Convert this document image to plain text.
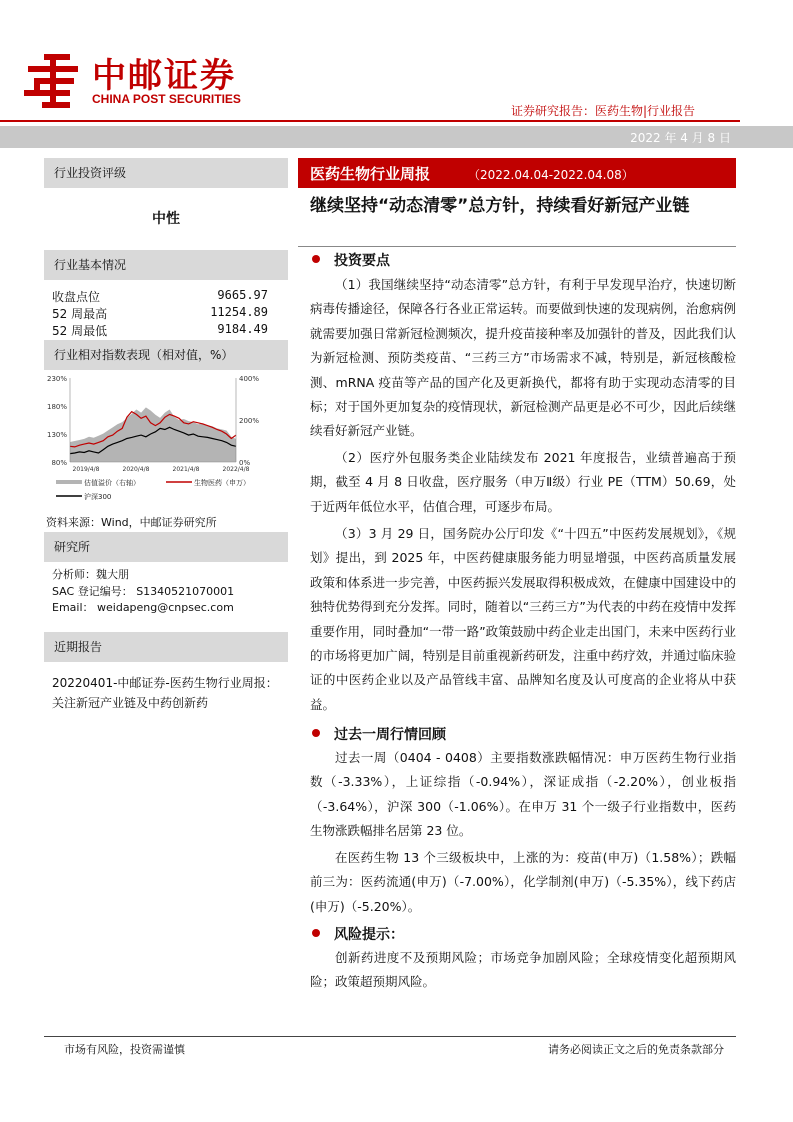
中邮证券
CHINA POST SECURITIES
证券研究报告：医药生物|行业报告
2022 年 4 月 8 日
行业投资评级
中性
行业基本情况
收盘点位	9665.97
52 周最高	11254.89
52 周最低	9184.49
行业相对指数表现（相对值，%）
230%
180%
130%
80%
400%
200%
0%
2019/4/8	2020/4/8	2021/4/8	2022/4/8
估值溢价（右轴）	生物医药（申万）
沪深300
资料来源：Wind，中邮证券研究所
研究所
分析师：魏大朋
SAC 登记编号： S1340521070001
Email： weidapeng@cnpsec.com
近期报告
20220401-中邮证券-医药生物行业周报：关注新冠产业链及中药创新药
医药生物行业周报	（2022.04.04-2022.04.08）
继续坚持“动态清零”总方针，持续看好新冠产业链
投资要点
（1）我国继续坚持“动态清零”总方针，有利于早发现早治疗，快速切断病毒传播途径，保障各行各业正常运转。而要做到快速的发现病例，治愈病例就需要加强日常新冠检测频次，提升疫苗接种率及加强针的普及，因此我们认为新冠检测、预防类疫苗、“三药三方”市场需求不减，特别是，新冠核酸检测、mRNA 疫苗等产品的国产化及更新换代，都将有助于实现动态清零的目标；对于国外更加复杂的疫情现状，新冠检测产品更是必不可少，因此后续继续看好新冠产业链。
（2）医疗外包服务类企业陆续发布 2021 年度报告，业绩普遍高于预期，截至 4 月 8 日收盘，医疗服务（申万Ⅱ级）行业 PE（TTM）50.69，处于近两年低位水平，估值合理，可逐步布局。
（3）3 月 29 日，国务院办公厅印发《“十四五”中医药发展规划》，《规划》提出，到 2025 年，中医药健康服务能力明显增强，中医药高质量发展政策和体系进一步完善，中医药振兴发展取得积极成效，在健康中国建设中的独特优势得到充分发挥。同时，随着以“三药三方”为代表的中药在疫情中发挥重要作用，同时叠加“一带一路”政策鼓励中药企业走出国门，未来中医药行业的市场将更加广阔，特别是目前重视新药研发，注重中药疗效，并通过临床验证的中医药企业以及产品管线丰富、品牌知名度及认可度高的企业将从中获益。
过去一周行情回顾
过去一周（0404 - 0408）主要指数涨跌幅情况：申万医药生物行业指数（-3.33%），上证综指（-0.94%），深证成指（-2.20%），创业板指（-3.64%），沪深 300（-1.06%）。在申万 31 个一级子行业指数中，医药生物涨跌幅排名居第 23 位。
在医药生物 13 个三级板块中，上涨的为：疫苗(申万)（1.58%）；跌幅前三为：医药流通(申万)（-7.00%），化学制剂(申万)（-5.35%），线下药店(申万)（-5.20%）。
风险提示：
创新药进度不及预期风险；市场竞争加剧风险；全球疫情变化超预期风险；政策超预期风险。
市场有风险，投资需谨慎	请务必阅读正文之后的免责条款部分
